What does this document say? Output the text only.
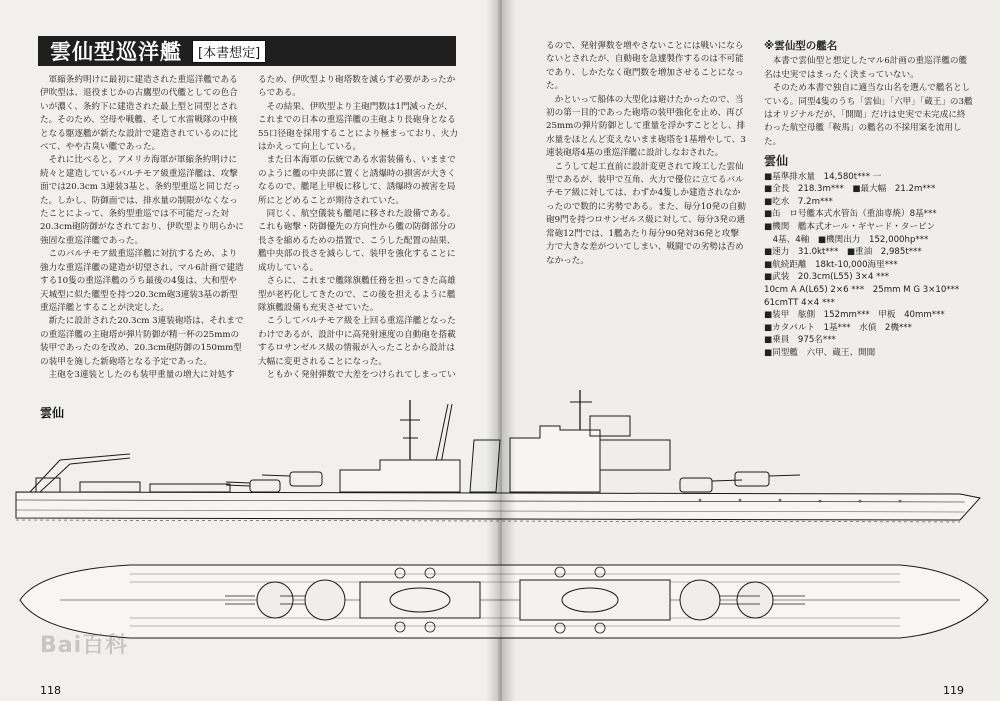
雲仙型巡洋艦	[本書想定]

軍縮条約明けに最初に建造された重巡洋艦である伊吹型は、退役まじかの古鷹型の代艦としての色合いが濃く、条約下に建造された最上型と同型とされた。そのため、空母や戦艦、そして水雷戦隊の中核となる駆逐艦が新たな設計で建造されているのに比べて、やや古臭い艦であった。

それに比べると、アメリカ海軍が軍縮条約明けに続々と建造しているバルチモア級重巡洋艦は、攻撃面では20.3cm 3連装3基と、条約型重巡と同じだった。しかし、防御面では、排水量の制限がなくなったことによって、条約型重巡では不可能だった対20.3cm砲防御がなされており、伊吹型より明らかに強固な重巡洋艦であった。

このバルチモア級重巡洋艦に対抗するため、より強力な重巡洋艦の建造が切望され、マル6計画で建造する10隻の重巡洋艦のうち最後の4隻は、大和型や天城型に似た艦型を持つ20.3cm砲3連装3基の新型重巡洋艦とすることが決定した。

新たに設計された20.3cm 3連装砲塔は、それまでの重巡洋艦の主砲塔が弾片防御が精一杯の25mmの装甲であったのを改め、20.3cm砲防御の150mm型の装甲を施した新砲塔となる予定であった。

主砲を3連装としたのも装甲重量の増大に対処す

るため、伊吹型より砲塔数を減らす必要があったからである。

その結果、伊吹型より主砲門数は1門減ったが、これまでの日本の重巡洋艦の主砲より長砲身となる55口径砲を採用することにより極まっており、火力はかえって向上している。

また日本海軍の伝統である水雷装備も、いままでのように艦の中央部に置くと誘爆時の損害が大きくなるので、艦尾上甲板に移して、誘爆時の被害を局所にとどめることが期待されていた。

同じく、航空儀装も艦尾に移された設備である。これも砲撃・防御優先の方向性から艦の防御部分の長さを縮めるための措置で、こうした配置の結果、艦中央部の長さを減らして、装甲を強化することに成功している。

さらに、これまで艦隊旗艦任務を担ってきた高雄型が老朽化してきたので、この後を担えるように艦隊旗艦設備も充実させていた。

こうしてバルチモア級を上回る重巡洋艦となったわけであるが、設計中に高発射速度の自動砲を搭載するロサンゼルス級の情報が入ったことから設計は大幅に変更されることになった。

ともかく発射弾数で大差をつけられてしまってい

雲仙
118	119

るので、発射弾数を増やさないことには戦いにならないとされたが、自動砲を急遽製作するのは不可能であり、しかたなく砲門数を増加させることになった。

かといって船体の大型化は避けたかったので、当初の第一目的であった砲塔の装甲強化を止め、再び25mmの弾片防御として重量を浮かすこととし、排水量をほとんど変えないまま砲塔を1基増やして、3連装砲塔4基の重巡洋艦に設計しなおされた。

こうして起工直前に設計変更されて竣工した雲仙型であるが、装甲で互角、火力で優位に立てるバルチモア級に対しては、わずか4隻しか建造されなかったので数的に劣勢である。また、毎分10発の自動砲9門を持つロサンゼルス級に対して、毎分3発の通常砲12門では、1艦あたり毎分90発対36発と攻撃力で大きな差がついてしまい、戦闘での劣勢は否めなかった。

※雲仙型の艦名

本書で雲仙型と想定したマル6計画の重巡洋艦の艦名は史実ではまったく決まっていない。

そのため本書で独自に適当な山名を選んで艦名としている。同型4隻のうち「雲仙」「六甲」「蔵王」の3艦はオリジナルだが、「開聞」だけは史実で未完成に終わった航空母艦「鞍馬」の艦名の不採用案を流用した。

雲仙
■基準排水量　14,580t*** 一
■全長　218.3m***　■最大幅　21.2m***
■吃水　7.2m***
■缶　ロ号艦本式水管缶（重油専焼）8基***
■機関　艦本式オール・ギヤード・タービン
　4基、4軸　■機関出力　152,000hp***
■速力　31.0kt***　■重油　2,985t***
■航続距離　18kt-10,000海里***
■武装　20.3cm(L55) 3×4 ***
10cm A A(L65) 2×6 ***　25mm M G 3×10***
61cmTT 4×4 ***
■装甲　舷側　152mm***　甲板　40mm***
■カタパルト　1基***　水偵　2機***
■乗員　975名***
■同型艦　六甲、蔵王、開聞
Bai百科
